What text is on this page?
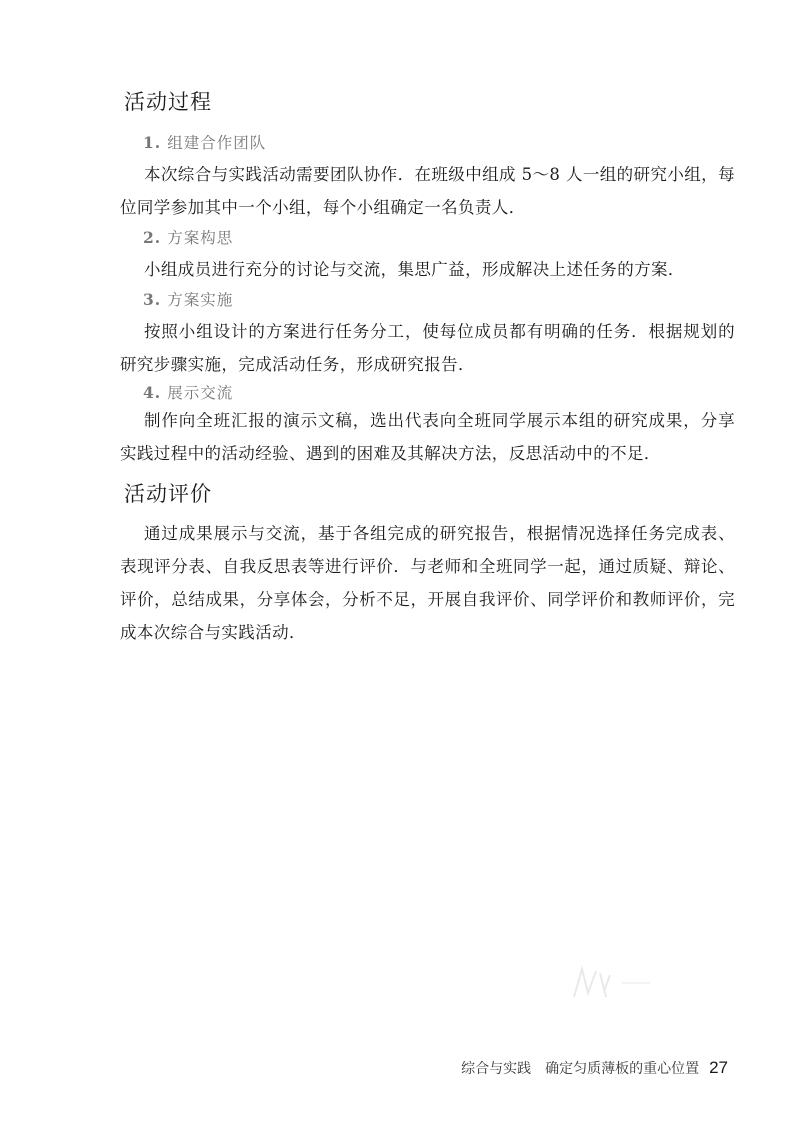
活动过程
1. 组建合作团队

本次综合与实践活动需要团队协作．在班级中组成 5～8 人一组的研究小组，每位同学参加其中一个小组，每个小组确定一名负责人．

2. 方案构思

小组成员进行充分的讨论与交流，集思广益，形成解决上述任务的方案．

3. 方案实施

按照小组设计的方案进行任务分工，使每位成员都有明确的任务．根据规划的研究步骤实施，完成活动任务，形成研究报告．

4. 展示交流

制作向全班汇报的演示文稿，选出代表向全班同学展示本组的研究成果，分享实践过程中的活动经验、遇到的困难及其解决方法，反思活动中的不足．

活动评价

通过成果展示与交流，基于各组完成的研究报告，根据情况选择任务完成表、表现评分表、自我反思表等进行评价．与老师和全班同学一起，通过质疑、辩论、评价，总结成果，分享体会，分析不足，开展自我评价、同学评价和教师评价，完成本次综合与实践活动．

综合与实践 确定匀质薄板的重心位置 27
